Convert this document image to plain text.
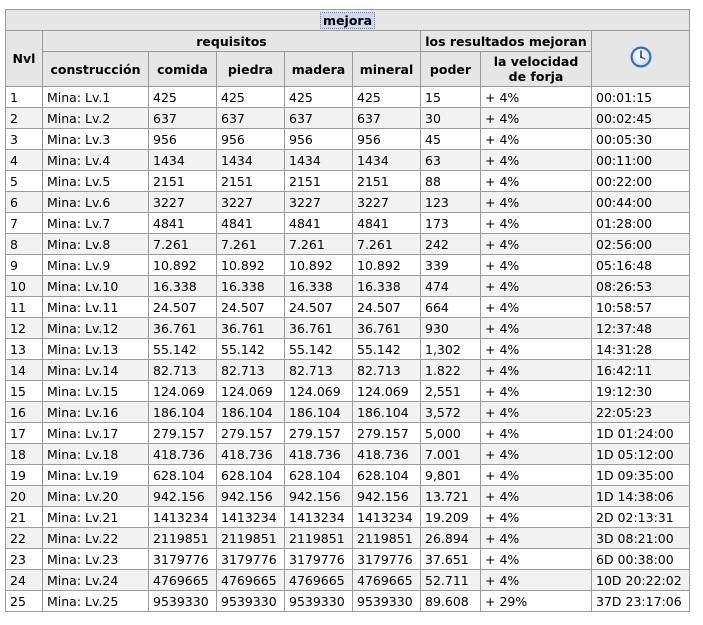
mejora								
Nvl	requisitos					los resultados mejoran	
	construcción	comida	piedra	madera	mineral	poder	la velocidad
de forja	
1	Mina: Lv.1	425	425	425	425	15	+ 4%	00:01:15
2	Mina: Lv.2	637	637	637	637	30	+ 4%	00:02:45
3	Mina: Lv.3	956	956	956	956	45	+ 4%	00:05:30
4	Mina: Lv.4	1434	1434	1434	1434	63	+ 4%	00:11:00
5	Mina: Lv.5	2151	2151	2151	2151	88	+ 4%	00:22:00
6	Mina: Lv.6	3227	3227	3227	3227	123	+ 4%	00:44:00
7	Mina: Lv.7	4841	4841	4841	4841	173	+ 4%	01:28:00
8	Mina: Lv.8	7.261	7.261	7.261	7.261	242	+ 4%	02:56:00
9	Mina: Lv.9	10.892	10.892	10.892	10.892	339	+ 4%	05:16:48
10	Mina: Lv.10	16.338	16.338	16.338	16.338	474	+ 4%	08:26:53
11	Mina: Lv.11	24.507	24.507	24.507	24.507	664	+ 4%	10:58:57
12	Mina: Lv.12	36.761	36.761	36.761	36.761	930	+ 4%	12:37:48
13	Mina: Lv.13	55.142	55.142	55.142	55.142	1,302	+ 4%	14:31:28
14	Mina: Lv.14	82.713	82.713	82.713	82.713	1.822	+ 4%	16:42:11
15	Mina: Lv.15	124.069	124.069	124.069	124.069	2,551	+ 4%	19:12:30
16	Mina: Lv.16	186.104	186.104	186.104	186.104	3,572	+ 4%	22:05:23
17	Mina: Lv.17	279.157	279.157	279.157	279.157	5,000	+ 4%	1D 01:24:00
18	Mina: Lv.18	418.736	418.736	418.736	418.736	7.001	+ 4%	1D 05:12:00
19	Mina: Lv.19	628.104	628.104	628.104	628.104	9,801	+ 4%	1D 09:35:00
20	Mina: Lv.20	942.156	942.156	942.156	942.156	13.721	+ 4%	1D 14:38:06
21	Mina: Lv.21	1413234	1413234	1413234	1413234	19.209	+ 4%	2D 02:13:31
22	Mina: Lv.22	2119851	2119851	2119851	2119851	26.894	+ 4%	3D 08:21:00
23	Mina: Lv.23	3179776	3179776	3179776	3179776	37.651	+ 4%	6D 00:38:00
24	Mina: Lv.24	4769665	4769665	4769665	4769665	52.711	+ 4%	10D 20:22:02
25	Mina: Lv.25	9539330	9539330	9539330	9539330	89.608	+ 29%	37D 23:17:06
